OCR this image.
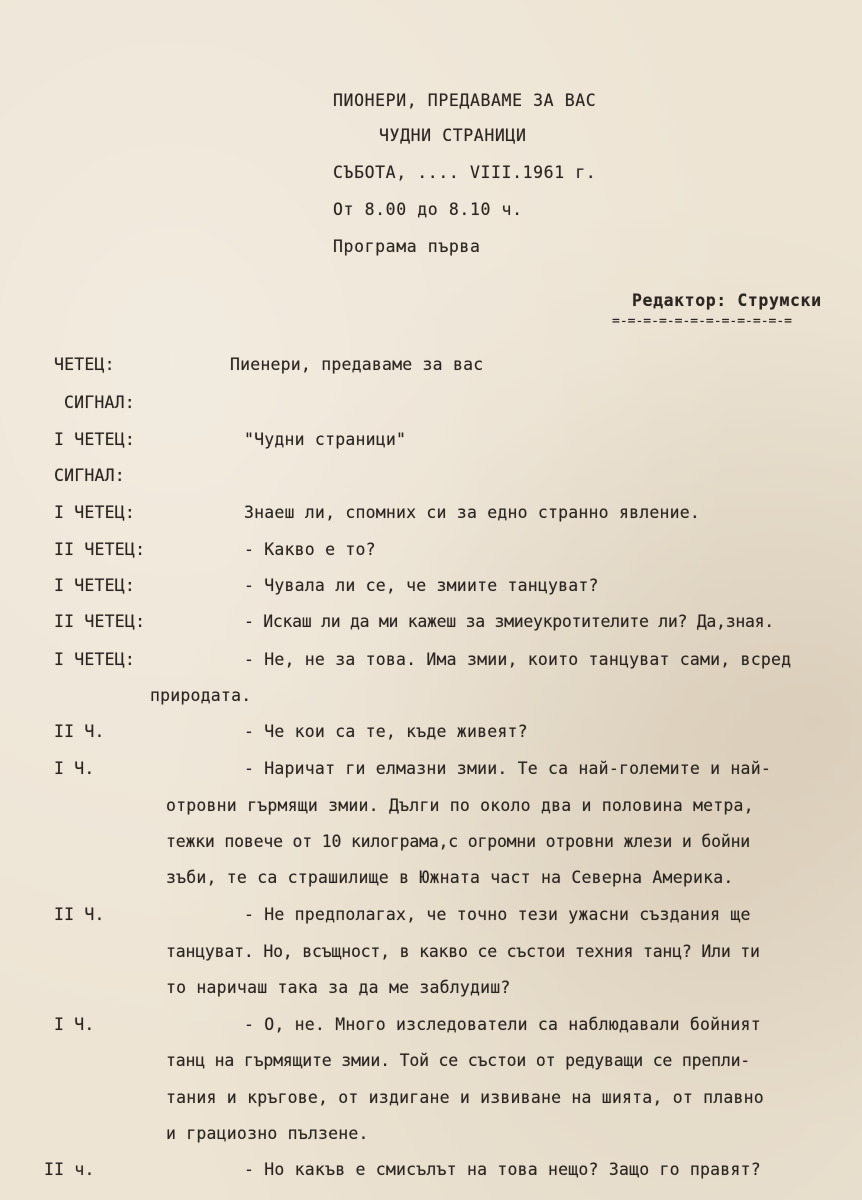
ПИОНЕРИ, ПРЕДАВАМЕ ЗА ВАС
ЧУДНИ СТРАНИЦИ
СЪБОТА, .... VIII.1961 г.
От 8.00 до 8.10 ч.
Програма първа
Редактор: Струмски
=-=-=-=-=-=-=-=-=-=-=-=
ЧЕТЕЦ:	Пиенери, предаваме за вас
СИГНАЛ:
I ЧЕТЕЦ:	"Чудни страници"
СИГНАЛ:
I ЧЕТЕЦ:	Знаеш ли, спомних си за едно странно явление.
II ЧЕТЕЦ:	- Какво е то?
I ЧЕТЕЦ:	- Чувала ли се, че змиите танцуват?
II ЧЕТЕЦ:	- Искаш ли да ми кажеш за змиеукротителите ли? Да,зная.
I ЧЕТЕЦ:	- Не, не за това. Има змии, които танцуват сами, всред
природата.
II Ч.	- Че кои са те, къде живеят?
I Ч.	- Наричат ги елмазни змии. Те са най-големите и най-
отровни гърмящи змии. Дълги по около два и половина метра,
тежки повече от 10 килограма,с огромни отровни жлези и бойни
зъби, те са страшилище в Южната част на Северна Америка.
II Ч.	- Не предполагах, че точно тези ужасни създания ще
танцуват. Но, всъщност, в какво се състои техния танц? Или ти
то наричаш така за да ме заблудиш?
I Ч.	- О, не. Много изследователи са наблюдавали бойният
танц на гърмящите змии. Той се състои от редуващи се препли-
тания и кръгове, от издигане и извиване на шията, от плавно
и грациозно пълзене.
II ч.	- Но какъв е смисълът на това нещо? Защо го правят?
